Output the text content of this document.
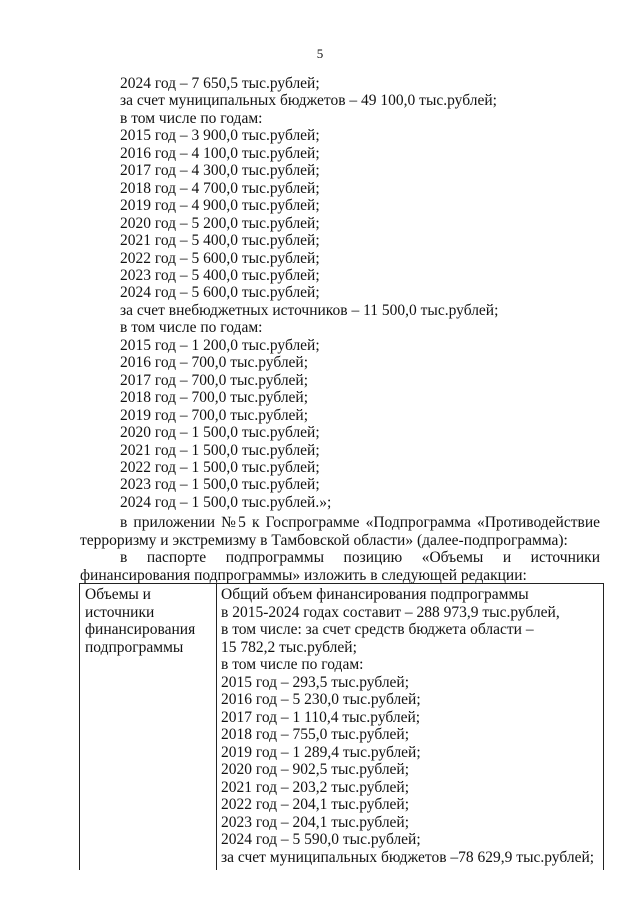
5
2024 год – 7 650,5 тыс.рублей;
за счет муниципальных бюджетов – 49 100,0 тыс.рублей;
в том числе по годам:
2015 год – 3 900,0 тыс.рублей;
2016 год – 4 100,0 тыс.рублей;
2017 год – 4 300,0 тыс.рублей;
2018 год – 4 700,0 тыс.рублей;
2019 год – 4 900,0 тыс.рублей;
2020 год – 5 200,0 тыс.рублей;
2021 год – 5 400,0 тыс.рублей;
2022 год – 5 600,0 тыс.рублей;
2023 год – 5 400,0 тыс.рублей;
2024 год – 5 600,0 тыс.рублей;
за счет внебюджетных источников – 11 500,0 тыс.рублей;
в том числе по годам:
2015 год – 1 200,0 тыс.рублей;
2016 год – 700,0 тыс.рублей;
2017 год – 700,0 тыс.рублей;
2018 год – 700,0 тыс.рублей;
2019 год – 700,0 тыс.рублей;
2020 год – 1 500,0 тыс.рублей;
2021 год – 1 500,0 тыс.рублей;
2022 год – 1 500,0 тыс.рублей;
2023 год – 1 500,0 тыс.рублей;
2024 год – 1 500,0 тыс.рублей.»;
в приложении №5 к Госпрограмме «Подпрограмма «Противодействие терроризму и экстремизму в Тамбовской области» (далее-подпрограмма):
в паспорте подпрограммы позицию «Объемы и источники
финансирования подпрограммы» изложить в следующей редакции:
Объемы и
источники
финансирования
подпрограммы
Общий объем финансирования подпрограммы
в 2015-2024 годах составит – 288 973,9 тыс.рублей,
в том числе: за счет средств бюджета области –
15 782,2 тыс.рублей;
в том числе по годам:
2015 год – 293,5 тыс.рублей;
2016 год – 5 230,0 тыс.рублей;
2017 год – 1 110,4 тыс.рублей;
2018 год – 755,0 тыс.рублей;
2019 год – 1 289,4 тыс.рублей;
2020 год – 902,5 тыс.рублей;
2021 год – 203,2 тыс.рублей;
2022 год – 204,1 тыс.рублей;
2023 год – 204,1 тыс.рублей;
2024 год – 5 590,0 тыс.рублей;
за счет муниципальных бюджетов –78 629,9 тыс.рублей;
